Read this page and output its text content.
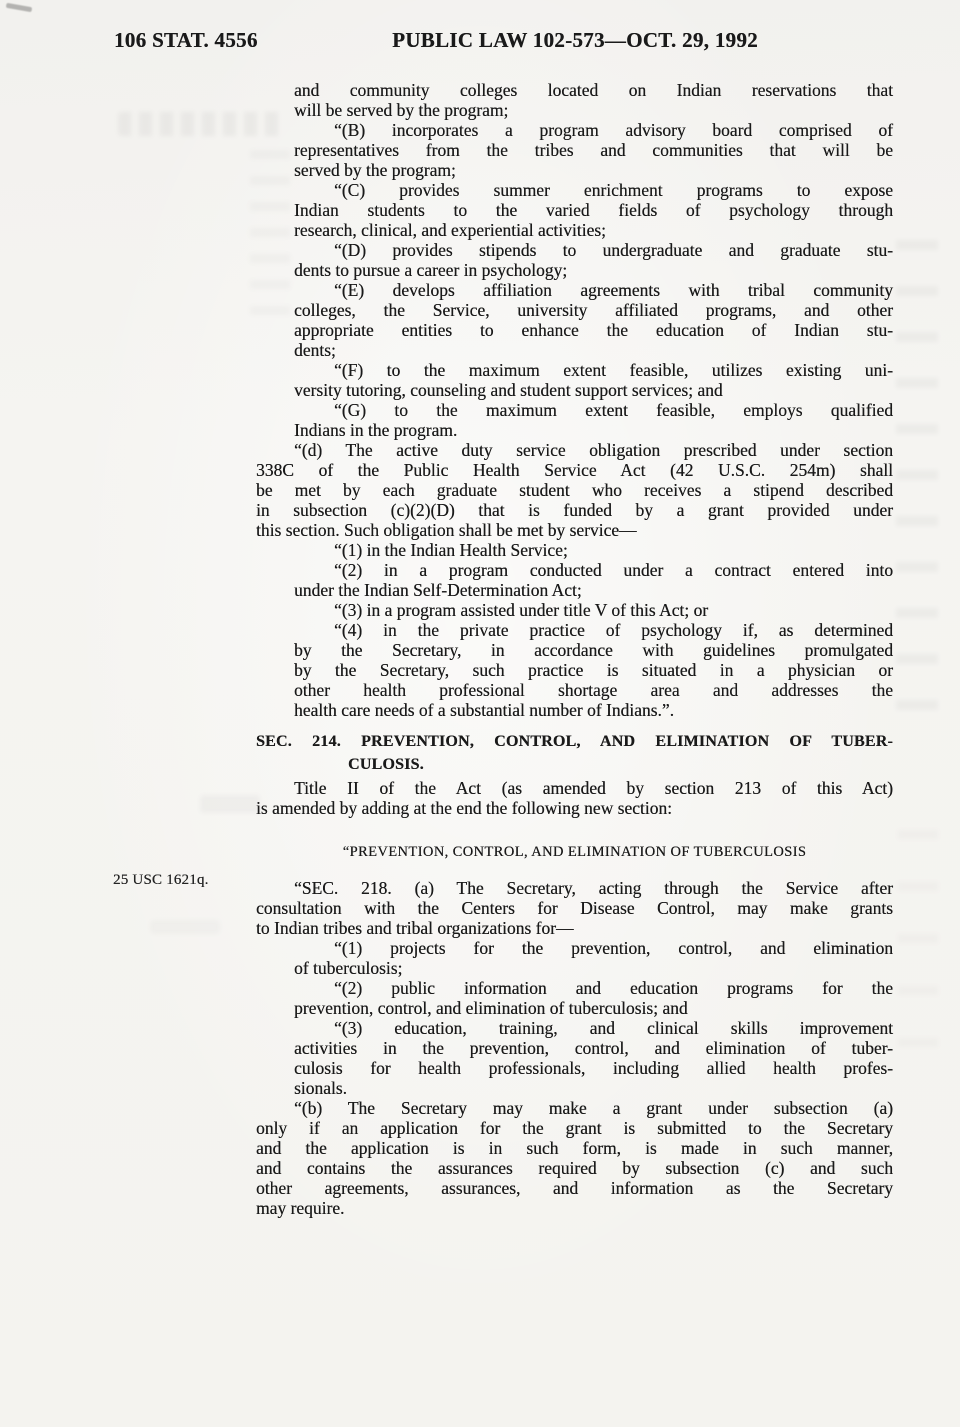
106 STAT. 4556	PUBLIC LAW 102-573—OCT. 29, 1992
25 USC 1621q.
and community colleges located on Indian reservations that
will be served by the program;
“(B) incorporates a program advisory board comprised of
representatives from the tribes and communities that will be
served by the program;
“(C) provides summer enrichment programs to expose
Indian students to the varied fields of psychology through
research, clinical, and experiential activities;
“(D) provides stipends to undergraduate and graduate stu-
dents to pursue a career in psychology;
“(E) develops affiliation agreements with tribal community
colleges, the Service, university affiliated programs, and other
appropriate entities to enhance the education of Indian stu-
dents;
“(F) to the maximum extent feasible, utilizes existing uni-
versity tutoring, counseling and student support services; and
“(G) to the maximum extent feasible, employs qualified
Indians in the program.
“(d) The active duty service obligation prescribed under section
338C of the Public Health Service Act (42 U.S.C. 254m) shall
be met by each graduate student who receives a stipend described
in subsection (c)(2)(D) that is funded by a grant provided under
this section. Such obligation shall be met by service—
“(1) in the Indian Health Service;
“(2) in a program conducted under a contract entered into
under the Indian Self-Determination Act;
“(3) in a program assisted under title V of this Act; or
“(4) in the private practice of psychology if, as determined
by the Secretary, in accordance with guidelines promulgated
by the Secretary, such practice is situated in a physician or
other health professional shortage area and addresses the
health care needs of a substantial number of Indians.”.
SEC. 214. PREVENTION, CONTROL, AND ELIMINATION OF TUBER-
CULOSIS.
Title II of the Act (as amended by section 213 of this Act)
is amended by adding at the end the following new section:
“PREVENTION, CONTROL, AND ELIMINATION OF TUBERCULOSIS
“SEC. 218. (a) The Secretary, acting through the Service after
consultation with the Centers for Disease Control, may make grants
to Indian tribes and tribal organizations for—
“(1) projects for the prevention, control, and elimination
of tuberculosis;
“(2) public information and education programs for the
prevention, control, and elimination of tuberculosis; and
“(3) education, training, and clinical skills improvement
activities in the prevention, control, and elimination of tuber-
culosis for health professionals, including allied health profes-
sionals.
“(b) The Secretary may make a grant under subsection (a)
only if an application for the grant is submitted to the Secretary
and the application is in such form, is made in such manner,
and contains the assurances required by subsection (c) and such
other agreements, assurances, and information as the Secretary
may require.
